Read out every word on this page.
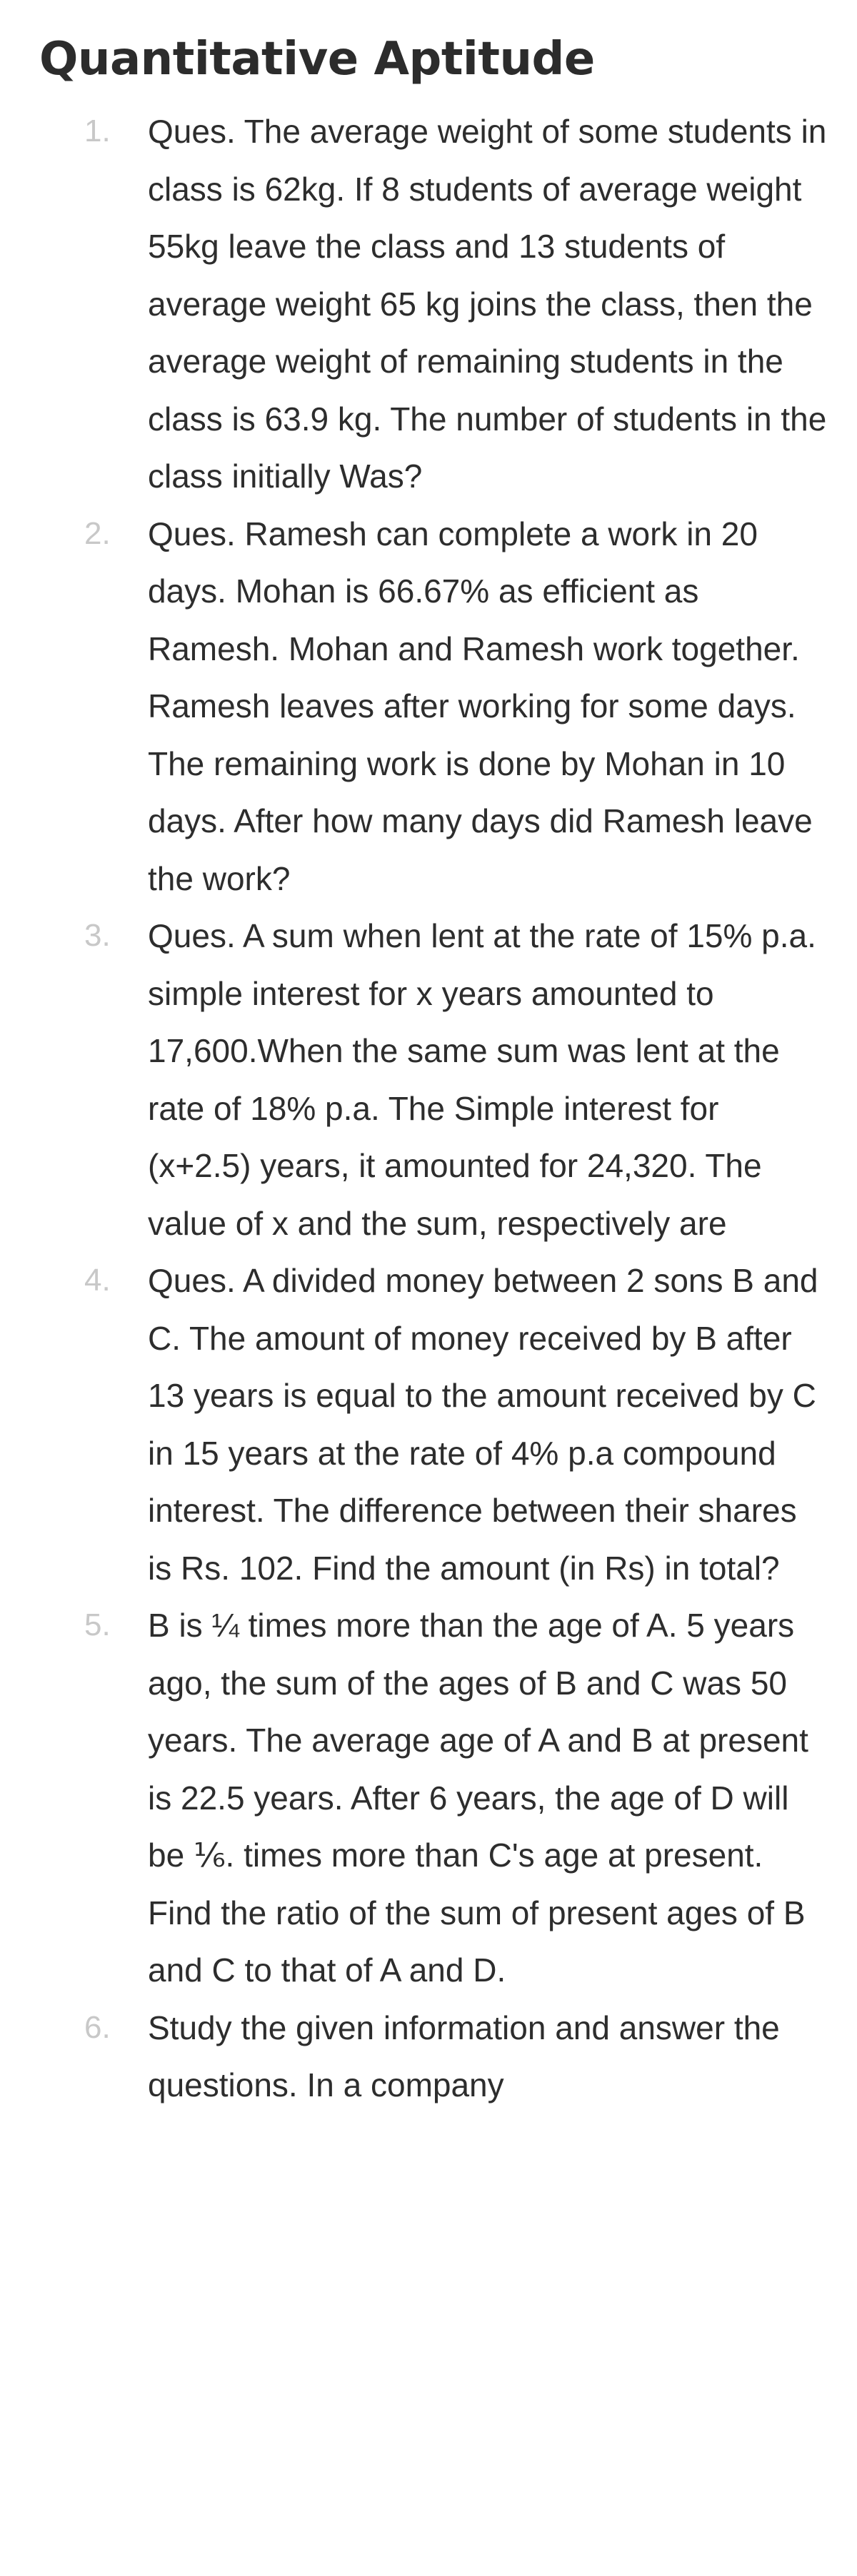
Quantitative Aptitude
1. Ques. The average weight of some students in class is 62kg. If 8 students of average weight 55kg leave the class and 13 students of average weight 65 kg joins the class, then the average weight of remaining students in the class is 63.9 kg. The number of students in the class initially Was?
2. Ques. Ramesh can complete a work in 20 days. Mohan is 66.67% as efficient as Ramesh. Mohan and Ramesh work together. Ramesh leaves after working for some days. The remaining work is done by Mohan in 10 days. After how many days did Ramesh leave the work?
3. Ques. A sum when lent at the rate of 15% p.a. simple interest for x years amounted to 17,600.When the same sum was lent at the rate of 18% p.a. The Simple interest for (x+2.5) years, it amounted for 24,320. The value of x and the sum, respectively are
4. Ques. A divided money between 2 sons B and C. The amount of money received by B after 13 years is equal to the amount received by C in 15 years at the rate of 4% p.a compound interest. The difference between their shares is Rs. 102. Find the amount (in Rs) in total?
5. B is ¼ times more than the age of A. 5 years ago, the sum of the ages of B and C was 50 years. The average age of A and B at present is 22.5 years. After 6 years, the age of D will be ⅙. times more than C's age at present. Find the ratio of the sum of present ages of B and C to that of A and D.
6. Study the given information and answer the questions. In a company
